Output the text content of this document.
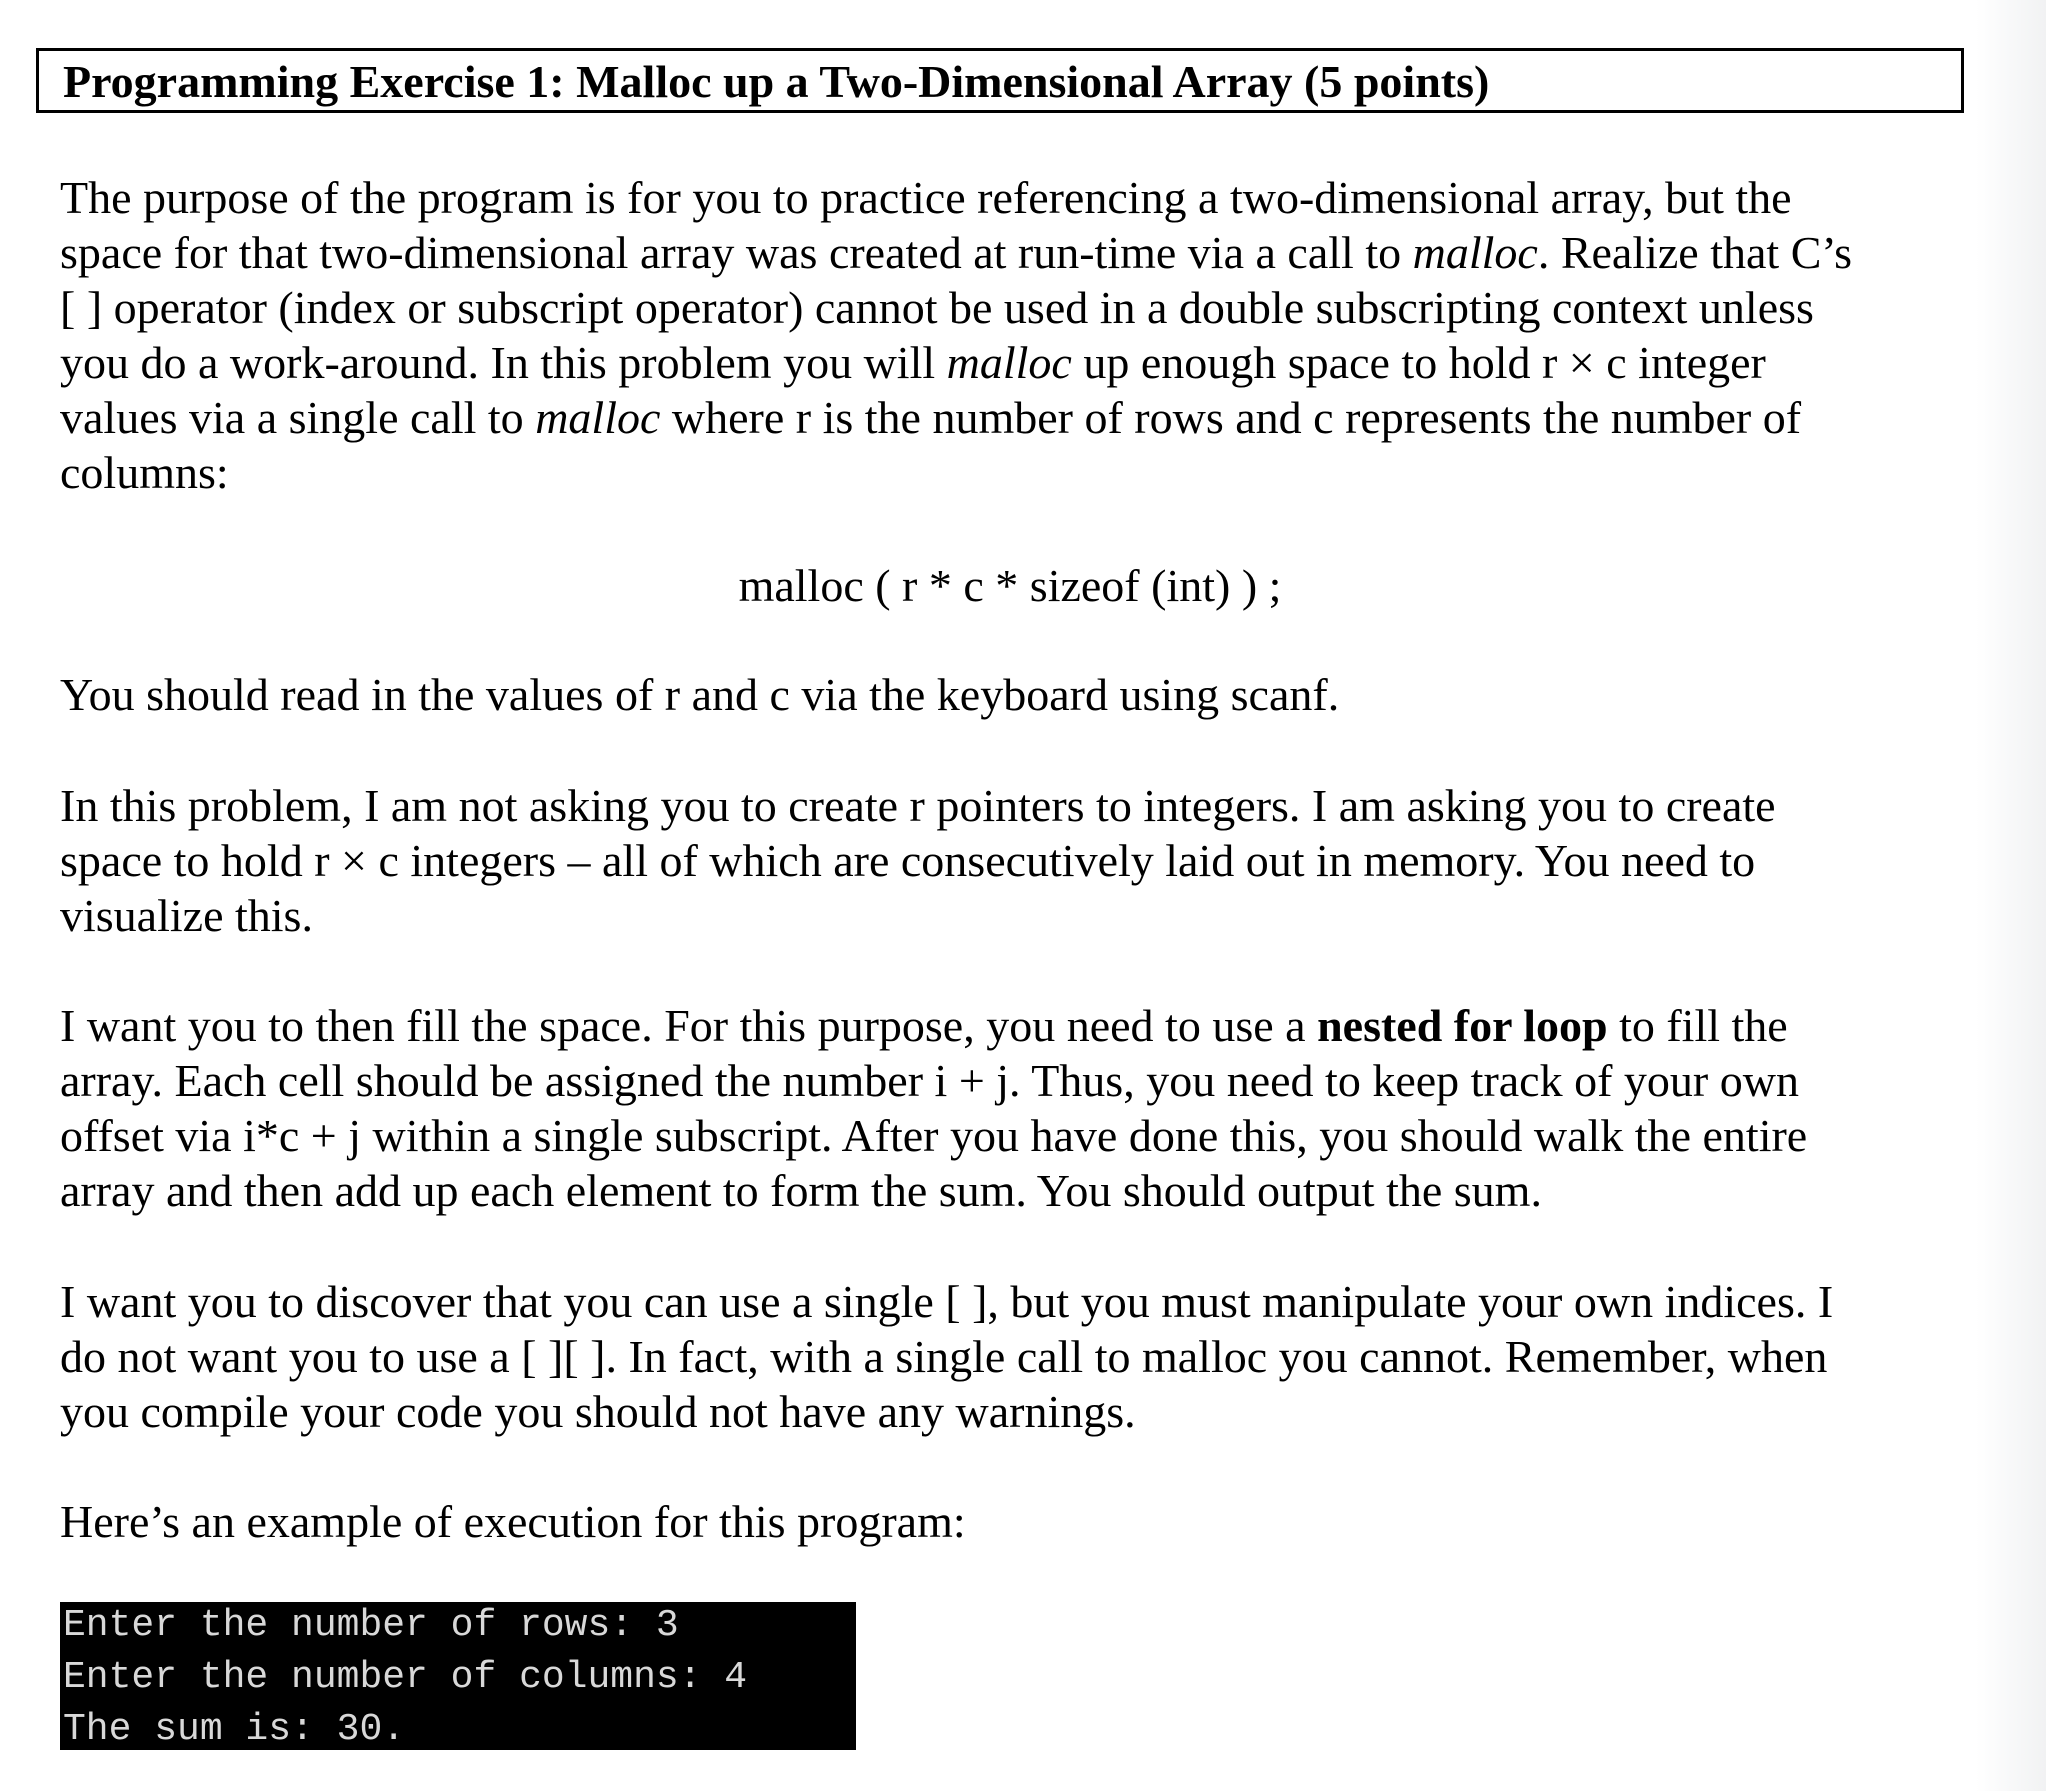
Programming Exercise 1: Malloc up a Two-Dimensional Array (5 points)
The purpose of the program is for you to practice referencing a two-dimensional array, but the
space for that two-dimensional array was created at run-time via a call to malloc. Realize that C’s
[ ] operator (index or subscript operator) cannot be used in a double subscripting context unless
you do a work-around. In this problem you will malloc up enough space to hold r × c integer
values via a single call to malloc where r is the number of rows and c represents the number of
columns:
malloc ( r * c * sizeof (int) ) ;
You should read in the values of r and c via the keyboard using scanf.
In this problem, I am not asking you to create r pointers to integers. I am asking you to create
space to hold r × c integers – all of which are consecutively laid out in memory. You need to
visualize this.
I want you to then fill the space. For this purpose, you need to use a nested for loop to fill the
array. Each cell should be assigned the number i + j. Thus, you need to keep track of your own
offset via i*c + j within a single subscript. After you have done this, you should walk the entire
array and then add up each element to form the sum. You should output the sum.
I want you to discover that you can use a single [ ], but you must manipulate your own indices. I
do not want you to use a [ ][ ]. In fact, with a single call to malloc you cannot. Remember, when
you compile your code you should not have any warnings.
Here’s an example of execution for this program:
Enter the number of rows: 3
Enter the number of columns: 4
The sum is: 30.
